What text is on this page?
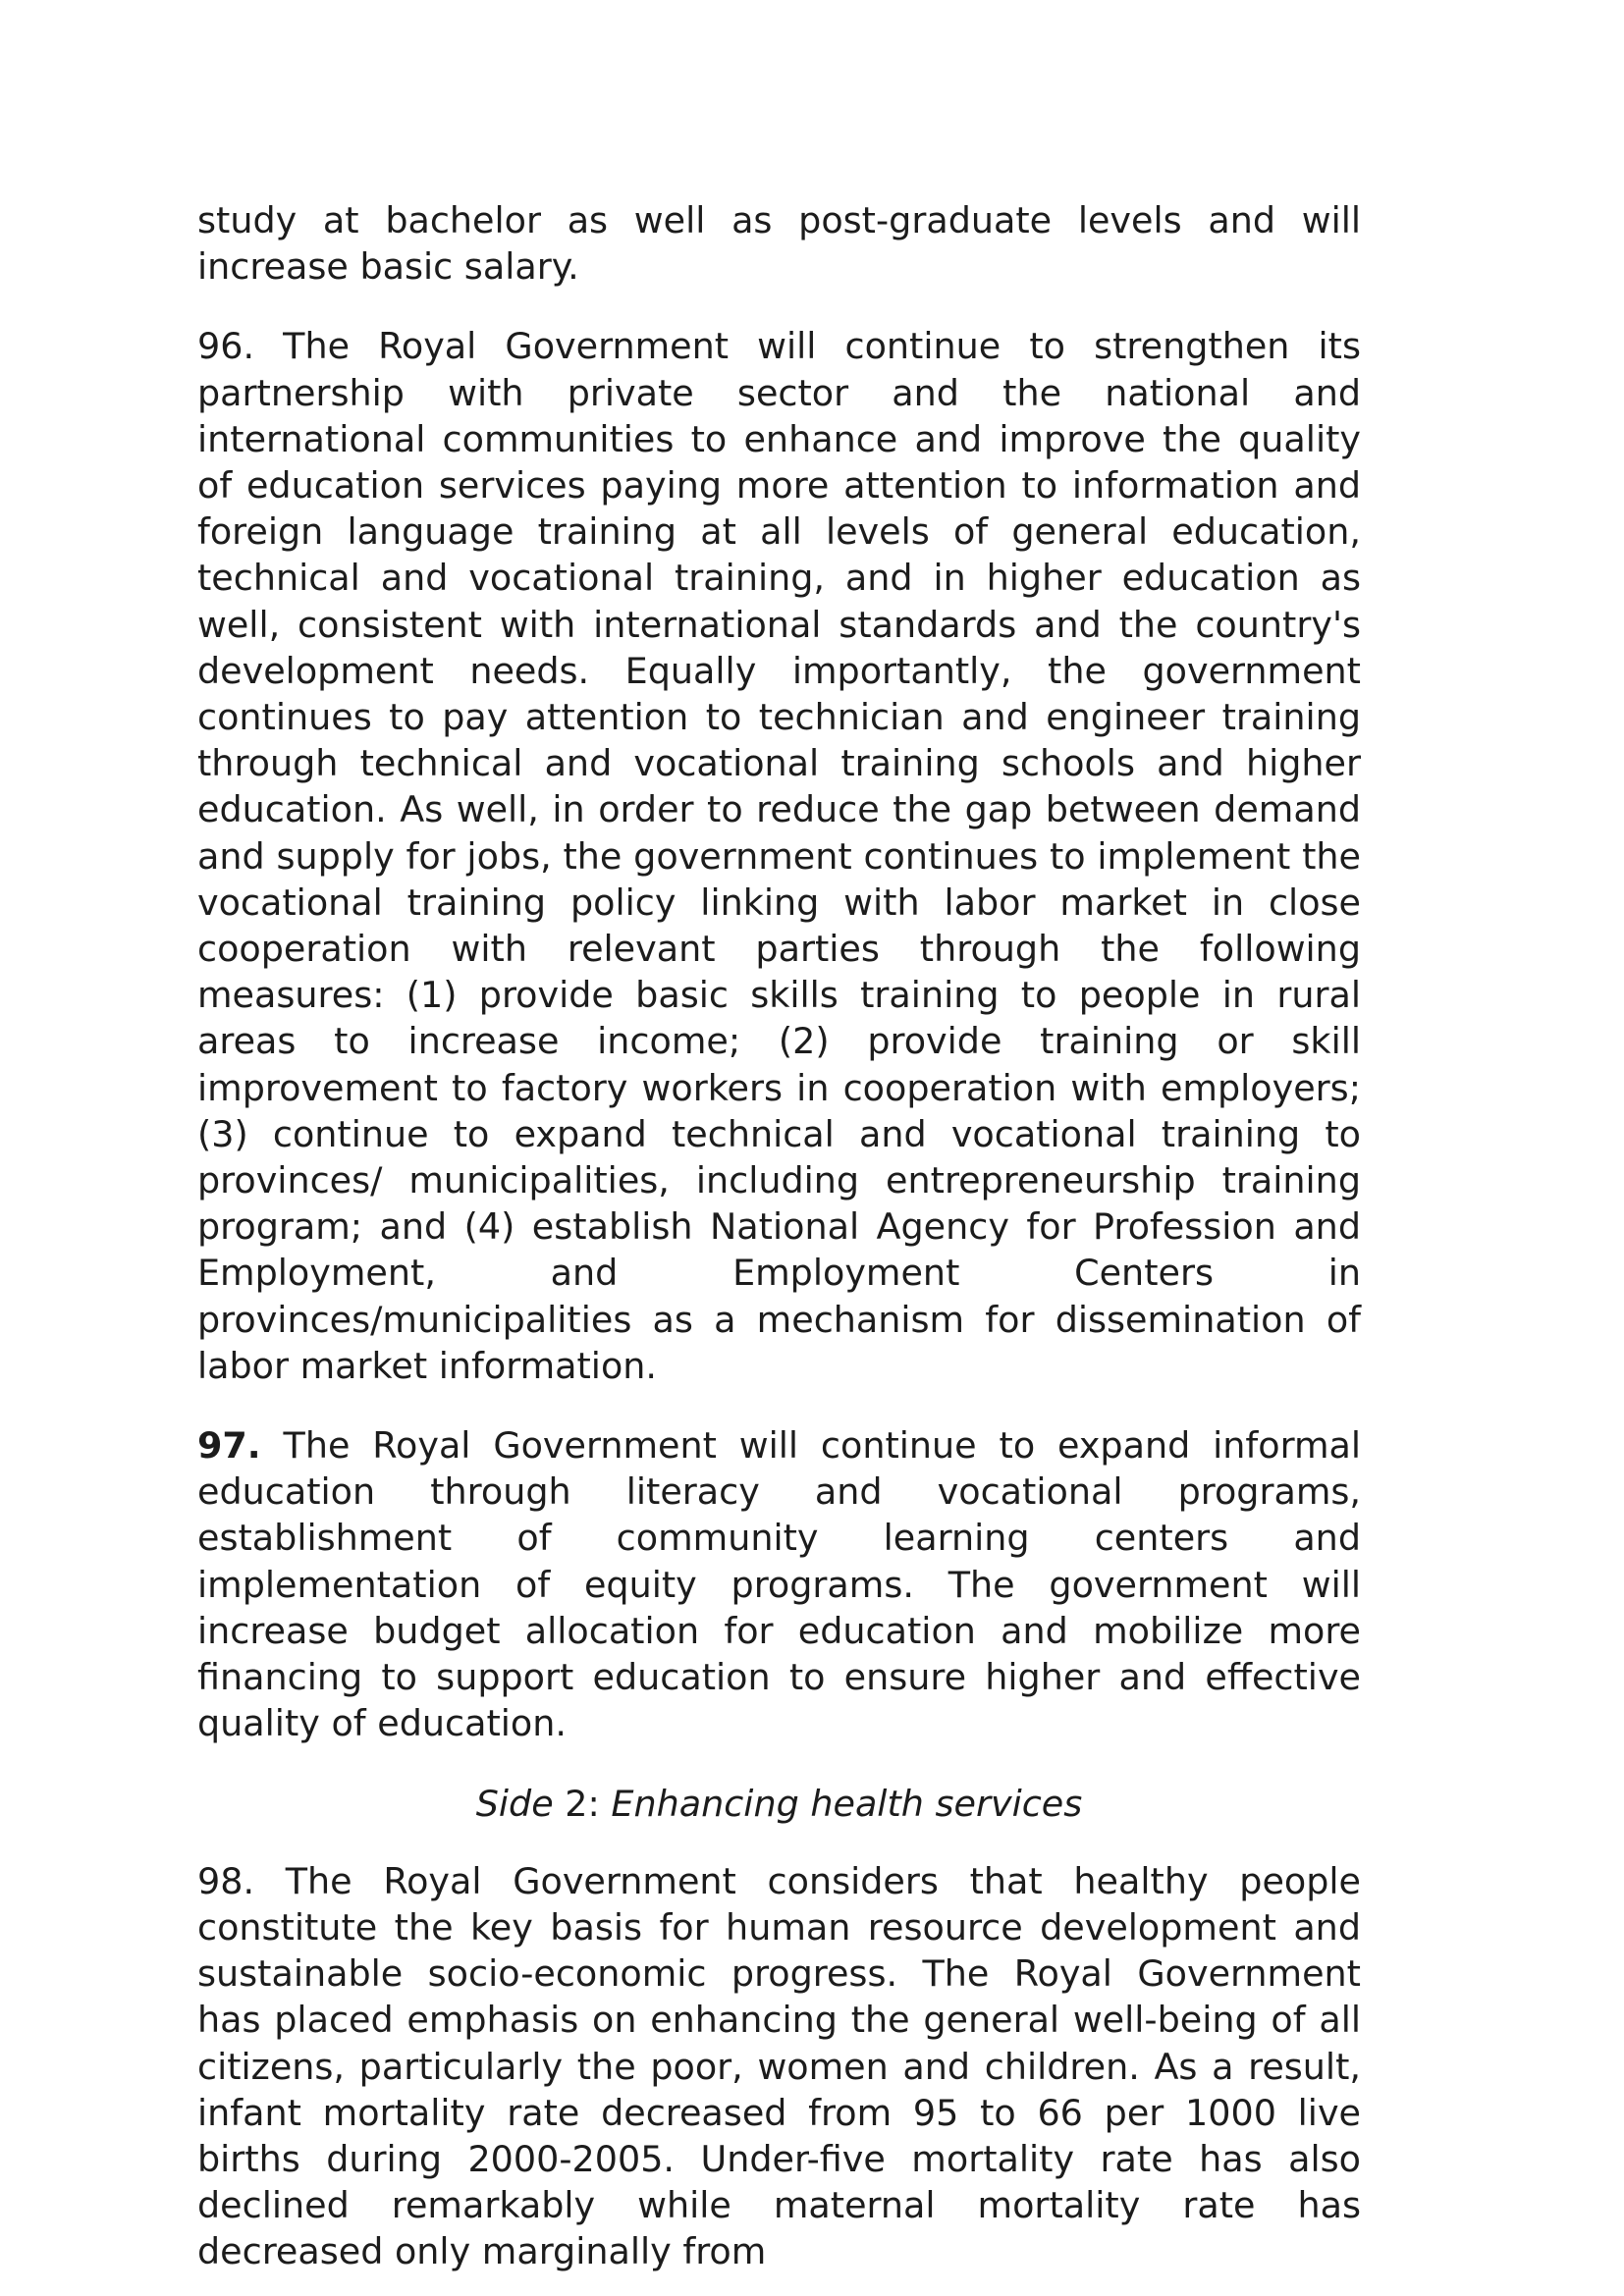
study at bachelor as well as post-graduate levels and will increase basic salary.

96. The Royal Government will continue to strengthen its partnership with private sector and the national and international communities to enhance and improve the quality of education services paying more attention to information and foreign language training at all levels of general education, technical and vocational training, and in higher education as well, consistent with international standards and the country's development needs. Equally importantly, the government continues to pay attention to technician and engineer training through technical and vocational training schools and higher education. As well, in order to reduce the gap between demand and supply for jobs, the government continues to implement the vocational training policy linking with labor market in close cooperation with relevant parties through the following measures: (1) provide basic skills training to people in rural areas to increase income; (2) provide training or skill improvement to factory workers in cooperation with employers; (3) continue to expand technical and vocational training to provinces/ municipalities, including entrepreneurship training program; and (4) establish National Agency for Profession and Employment, and Employment Centers in provinces/municipalities as a mechanism for dissemination of labor market information.

97. The Royal Government will continue to expand informal education through literacy and vocational programs, establishment of community learning centers and implementation of equity programs. The government will increase budget allocation for education and mobilize more financing to support education to ensure higher and effective quality of education.

Side 2: Enhancing health services

98. The Royal Government considers that healthy people constitute the key basis for human resource development and sustainable socio-economic progress. The Royal Government has placed emphasis on enhancing the general well-being of all citizens, particularly the poor, women and children. As a result, infant mortality rate decreased from 95 to 66 per 1000 live births during 2000-2005. Under-five mortality rate has also declined remarkably while maternal mortality rate has decreased only marginally from
